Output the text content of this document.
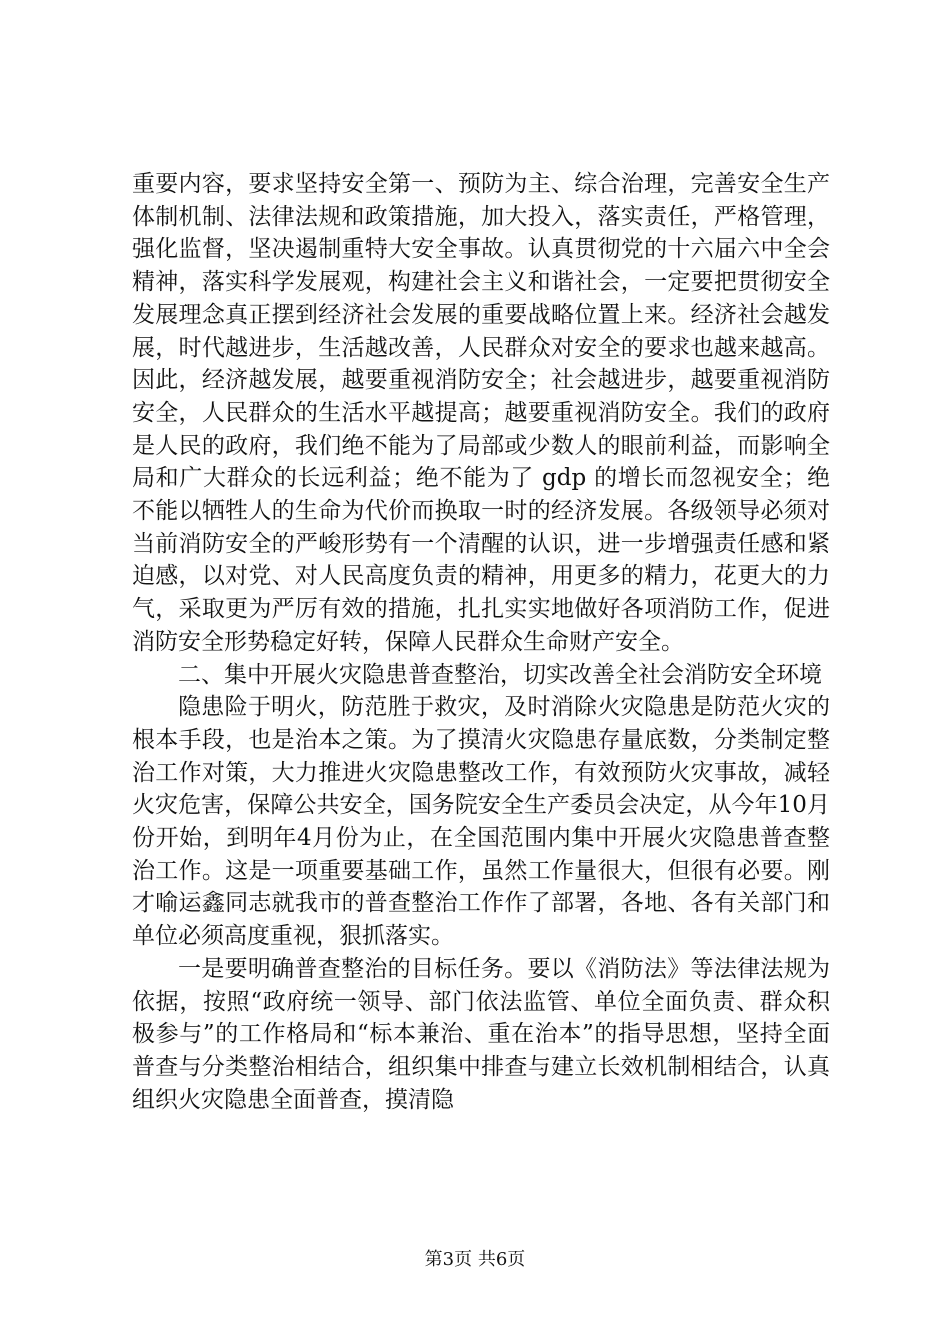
重要内容，要求坚持安全第一、预防为主、综合治理，完善安全生产体制机制、法律法规和政策措施，加大投入，落实责任，严格管理，强化监督，坚决遏制重特大安全事故。认真贯彻党的十六届六中全会精神，落实科学发展观，构建社会主义和谐社会，一定要把贯彻安全发展理念真正摆到经济社会发展的重要战略位置上来。经济社会越发展，时代越进步，生活越改善，人民群众对安全的要求也越来越高。因此，经济越发展，越要重视消防安全；社会越进步，越要重视消防安全，人民群众的生活水平越提高；越要重视消防安全。我们的政府是人民的政府，我们绝不能为了局部或少数人的眼前利益，而影响全局和广大群众的长远利益；绝不能为了 gdp 的增长而忽视安全；绝不能以牺牲人的生命为代价而换取一时的经济发展。各级领导必须对当前消防安全的严峻形势有一个清醒的认识，进一步增强责任感和紧迫感，以对党、对人民高度负责的精神，用更多的精力，花更大的力气，采取更为严厉有效的措施，扎扎实实地做好各项消防工作，促进消防安全形势稳定好转，保障人民群众生命财产安全。

二、集中开展火灾隐患普查整治，切实改善全社会消防安全环境

隐患险于明火，防范胜于救灾，及时消除火灾隐患是防范火灾的根本手段，也是治本之策。为了摸清火灾隐患存量底数，分类制定整治工作对策，大力推进火灾隐患整改工作，有效预防火灾事故，减轻火灾危害，保障公共安全，国务院安全生产委员会决定，从今年10月份开始，到明年4月份为止，在全国范围内集中开展火灾隐患普查整治工作。这是一项重要基础工作，虽然工作量很大，但很有必要。刚才喻运鑫同志就我市的普查整治工作作了部署，各地、各有关部门和单位必须高度重视，狠抓落实。

一是要明确普查整治的目标任务。要以《消防法》等法律法规为依据，按照“政府统一领导、部门依法监管、单位全面负责、群众积极参与”的工作格局和“标本兼治、重在治本”的指导思想，坚持全面普查与分类整治相结合，组织集中排查与建立长效机制相结合，认真组织火灾隐患全面普查，摸清隐

第3页 共6页
